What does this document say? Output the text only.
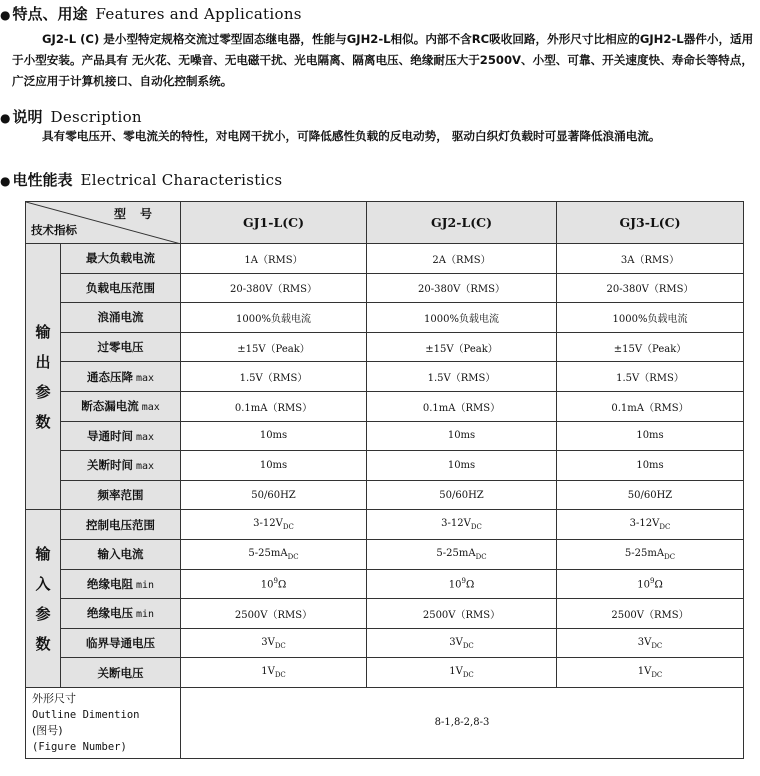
● 特点、用途 Features and Applications
GJ2-L (C) 是小型特定规格交流过零型固态继电器，性能与GJH2-L相似。内部不含RC吸收回路，外形尺寸比相应的GJH2-L器件小，适用于小型安装。产品具有 无火花、无噪音、无电磁干扰、光电隔离、隔离电压、绝缘耐压大于2500V、小型、可靠、开关速度快、寿命长等特点，广泛应用于计算机接口、自动化控制系统。
● 说明 Description
具有零电压开、零电流关的特性，对电网干扰小，可降低感性负载的反电动势， 驱动白织灯负载时可显著降低浪涌电流。
● 电性能表 Electrical Characteristics
型号
技术指标		GJ1-L(C)	GJ2-L(C)	GJ3-L(C)

输
出
参
数	最大负载电流	1A（RMS）	2A（RMS）	3A（RMS）
	负载电压范围	20-380V（RMS）	20-380V（RMS）	20-380V（RMS）
	浪涌电流	1000%负载电流	1000%负载电流	1000%负载电流
	过零电压	±15V（Peak）	±15V（Peak）	±15V（Peak）
	通态压降 max	1.5V（RMS）	1.5V（RMS）	1.5V（RMS）
	断态漏电流 max	0.1mA（RMS）	0.1mA（RMS）	0.1mA（RMS）
	导通时间 max	10ms	10ms	10ms
	关断时间 max	10ms	10ms	10ms
	频率范围	50/60HZ	50/60HZ	50/60HZ

输
入
参
数	控制电压范围	$3-12V_{DC}$	$3-12V_{DC}$	$3-12V_{DC}$
	输入电流	$5-25mA_{DC}$	$5-25mA_{DC}$	$5-25mA_{DC}$
	绝缘电阻 min	$10^9\Omega$	$10^9\Omega$	$10^9\Omega$
	绝缘电压 min	2500V（RMS）	2500V（RMS）	2500V（RMS）
	临界导通电压	$3V_{DC}$	$3V_{DC}$	$3V_{DC}$
	关断电压	$1V_{DC}$	$1V_{DC}$	$1V_{DC}$

外形尺寸
Outline Dimention
(图号)
(Figure Number)		8-1,8-2,8-3		
